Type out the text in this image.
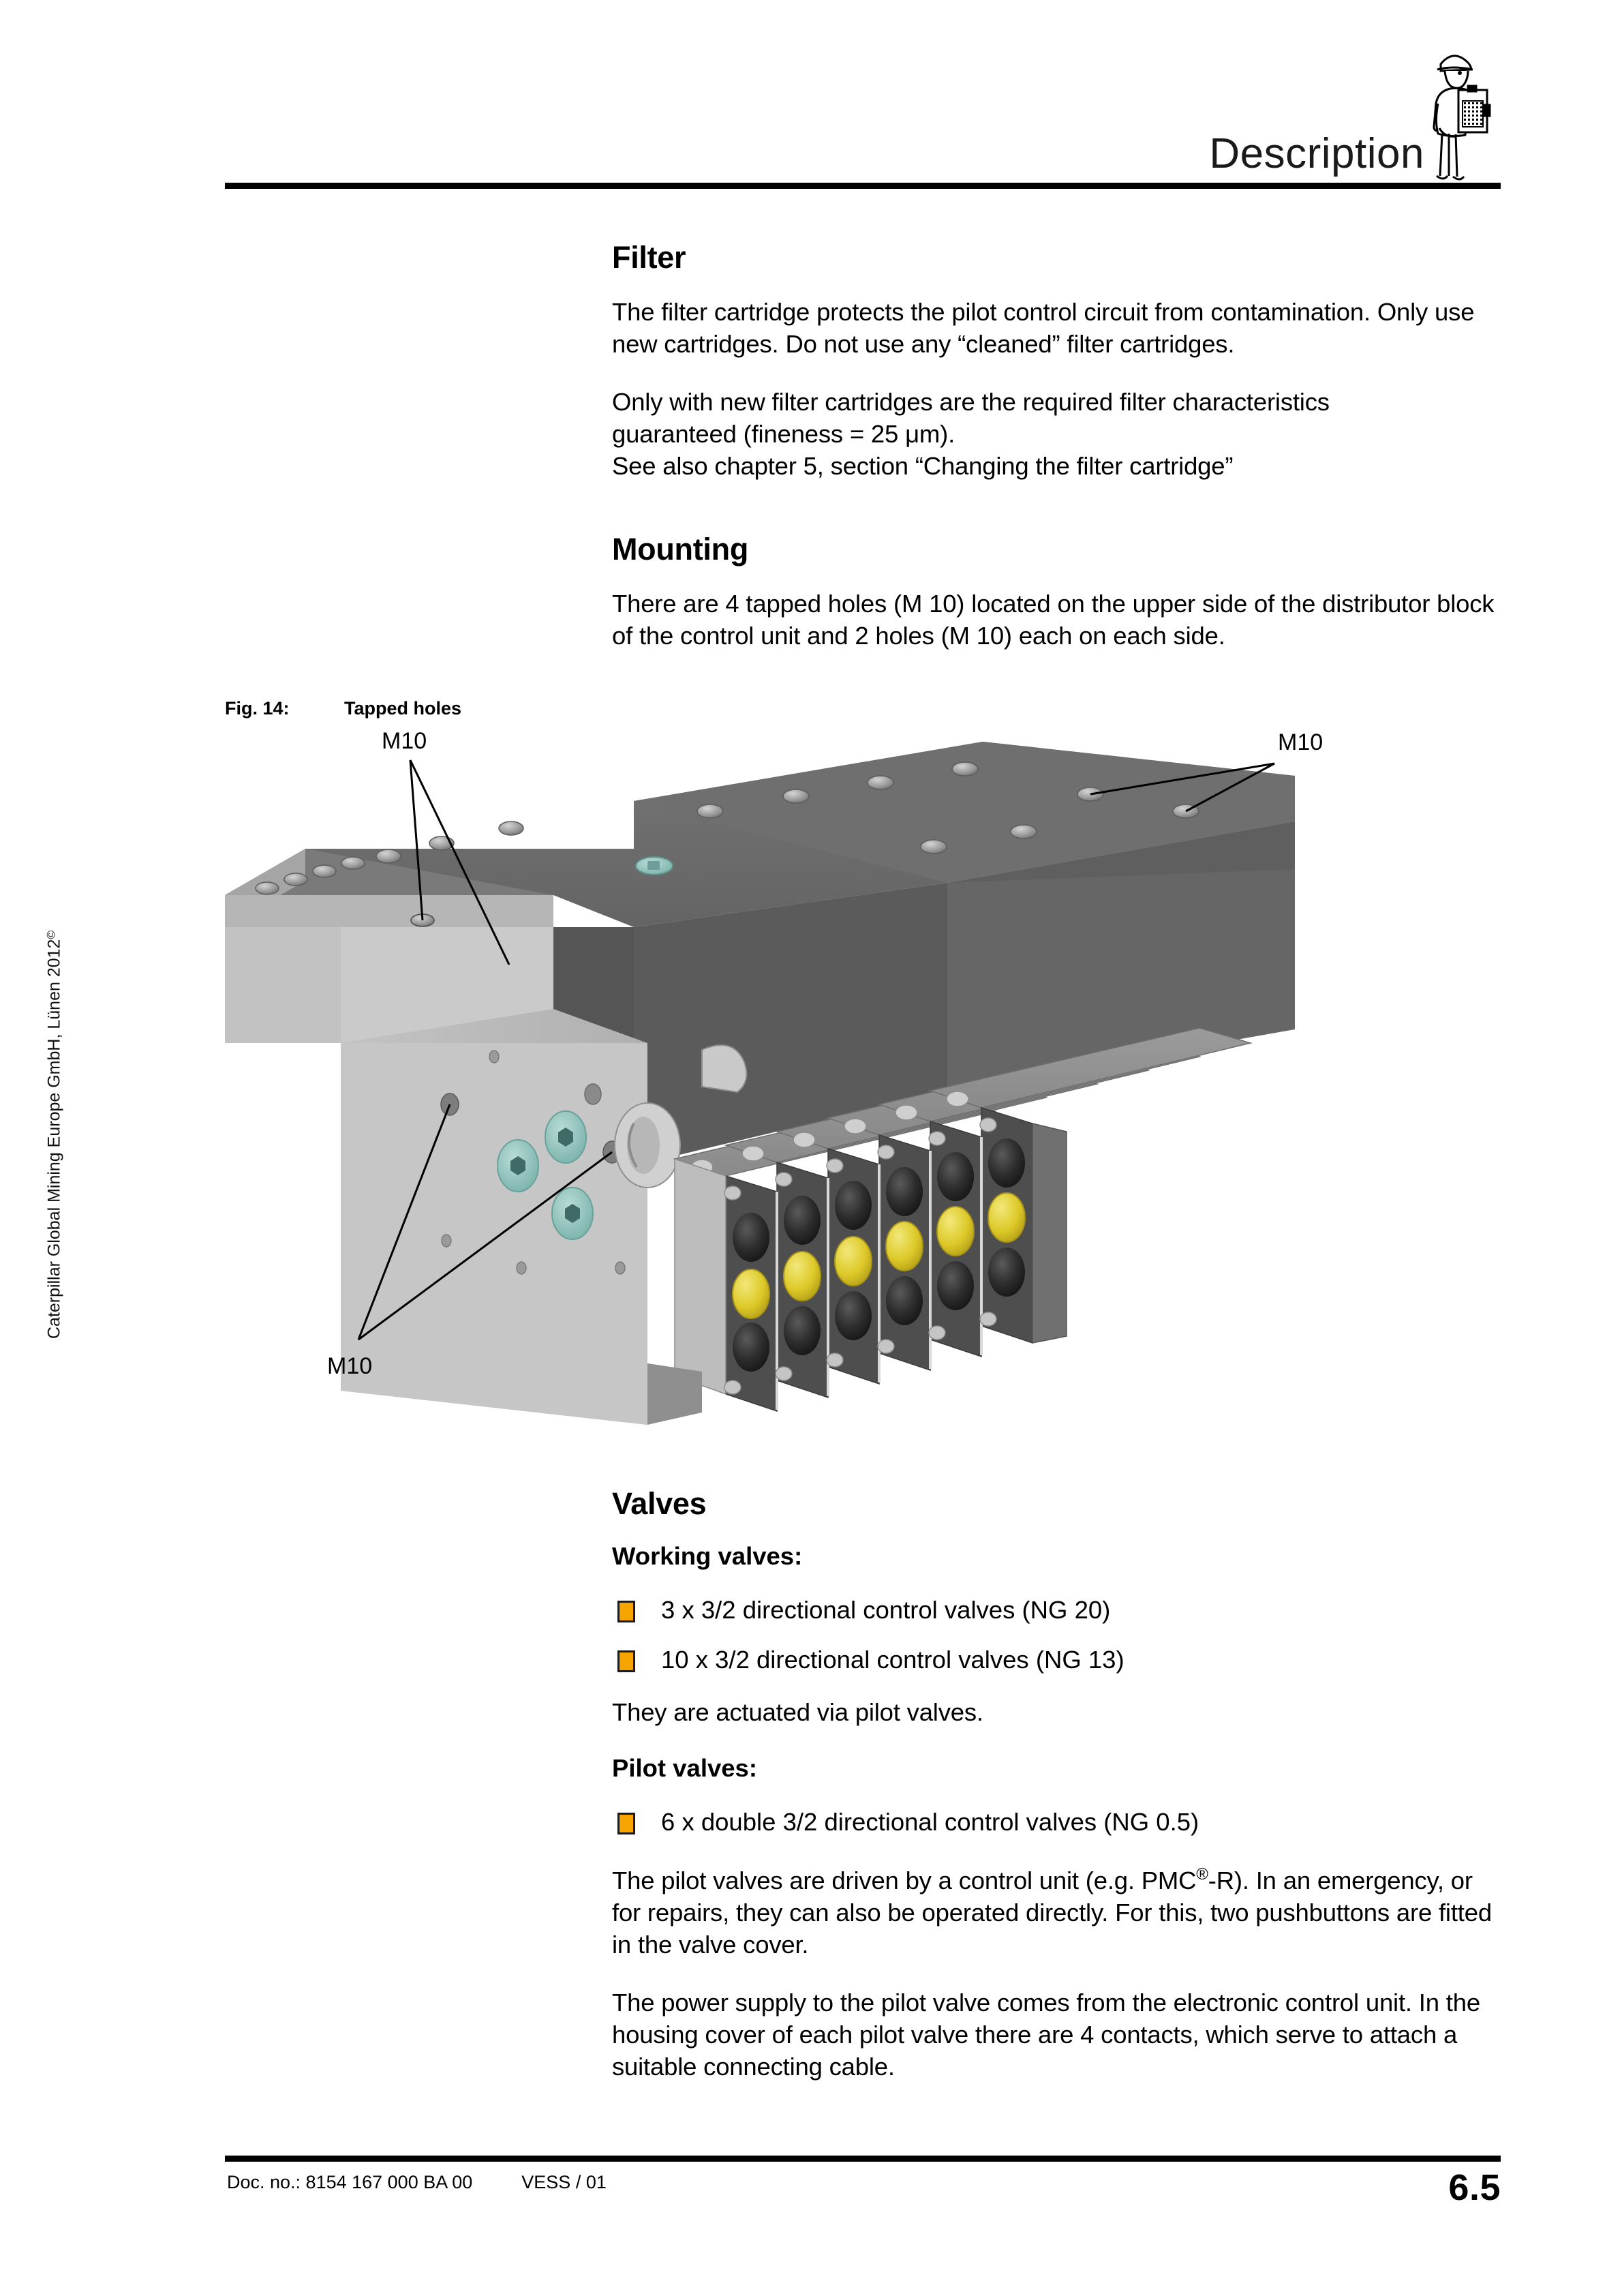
Description
Caterpillar Global Mining Europe GmbH, Lünen 2012©
Filter

The filter cartridge protects the pilot control circuit from contamination. Only use new cartridges. Do not use any “cleaned” filter cartridges.

Only with new filter cartridges are the required filter characteristics
guaranteed (fineness = 25 μm).
See also chapter 5, section “Changing the filter cartridge”

Mounting

There are 4 tapped holes (M 10) located on the upper side of the distributor block of the control unit and 2 holes (M 10) each on each side.

Fig. 14:	Tapped holes
M10
M10
M10
Valves
Working valves:
3 x 3/2 directional control valves (NG 20)
10 x 3/2 directional control valves (NG 13)

They are actuated via pilot valves.

Pilot valves:
6 x double 3/2 directional control valves (NG 0.5)

The pilot valves are driven by a control unit (e.g. PMC®-R). In an emergency, or for repairs, they can also be operated directly. For this, two pushbuttons are fitted in the valve cover.

The power supply to the pilot valve comes from the electronic control unit. In the housing cover of each pilot valve there are 4 contacts, which serve to attach a suitable connecting cable.

Doc. no.: 8154 167 000 BA 00	VESS / 01	6.5
